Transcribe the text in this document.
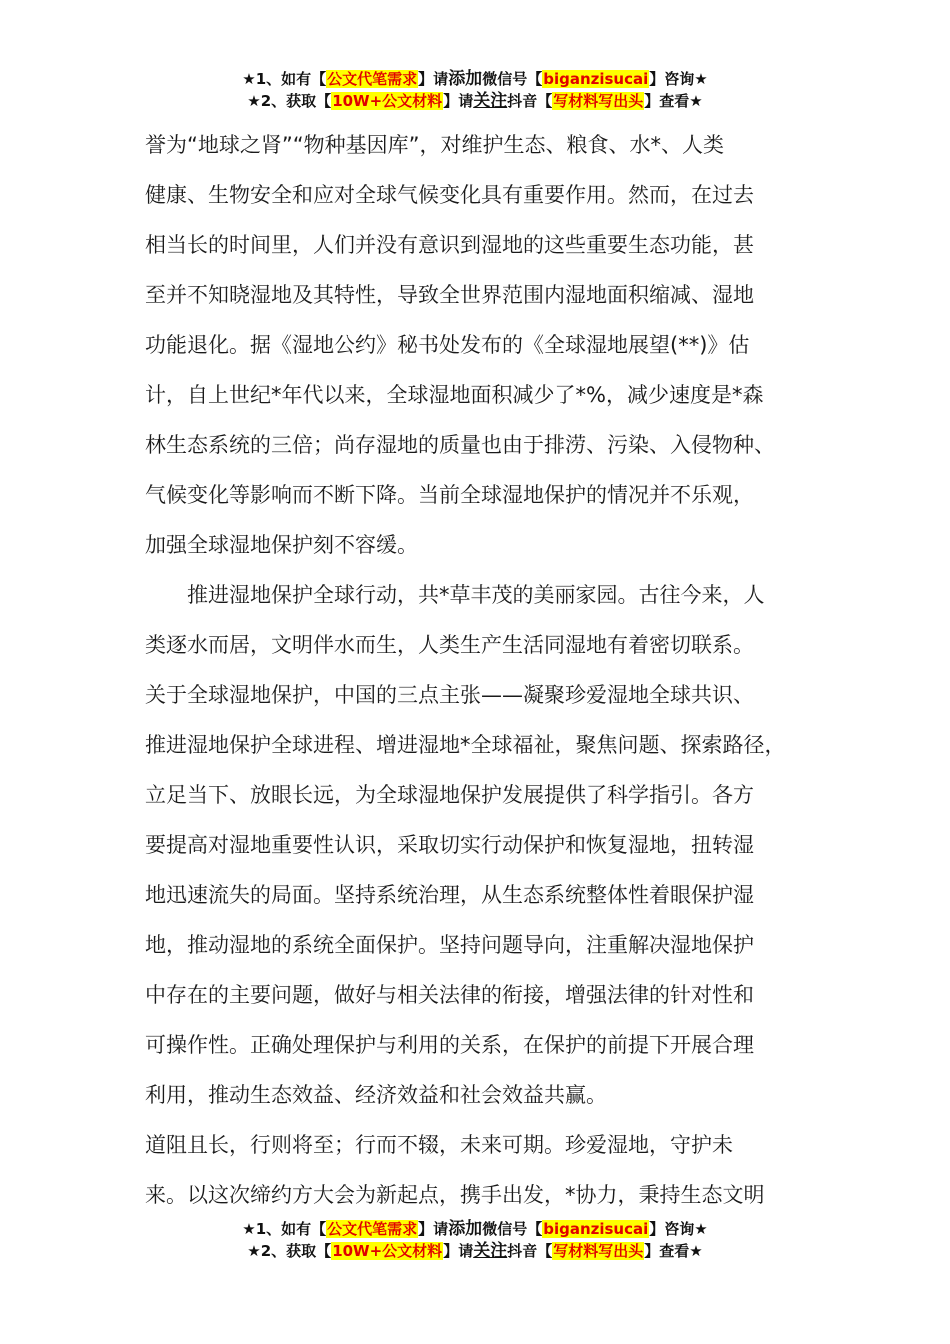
★1、如有【公文代笔需求】请添加微信号【biganzisucai】咨询★
★2、获取【10W+公文材料】请关注抖音【写材料写出头】查看★
誉为“地球之肾”“物种基因库”，对维护生态、粮食、水*、人类
健康、生物安全和应对全球气候变化具有重要作用。然而，在过去
相当长的时间里，人们并没有意识到湿地的这些重要生态功能，甚
至并不知晓湿地及其特性，导致全世界范围内湿地面积缩减、湿地
功能退化。据《湿地公约》秘书处发布的《全球湿地展望(**)》估
计，自上世纪*年代以来，全球湿地面积减少了*%，减少速度是*森
林生态系统的三倍；尚存湿地的质量也由于排涝、污染、入侵物种、
气候变化等影响而不断下降。当前全球湿地保护的情况并不乐观，
加强全球湿地保护刻不容缓。
　　推进湿地保护全球行动，共*草丰茂的美丽家园。古往今来，人
类逐水而居，文明伴水而生，人类生产生活同湿地有着密切联系。
关于全球湿地保护，中国的三点主张——凝聚珍爱湿地全球共识、
推进湿地保护全球进程、增进湿地*全球福祉，聚焦问题、探索路径，
立足当下、放眼长远，为全球湿地保护发展提供了科学指引。各方
要提高对湿地重要性认识，采取切实行动保护和恢复湿地，扭转湿
地迅速流失的局面。坚持系统治理，从生态系统整体性着眼保护湿
地，推动湿地的系统全面保护。坚持问题导向，注重解决湿地保护
中存在的主要问题，做好与相关法律的衔接，增强法律的针对性和
可操作性。正确处理保护与利用的关系，在保护的前提下开展合理
利用，推动生态效益、经济效益和社会效益共赢。
道阻且长，行则将至；行而不辍，未来可期。珍爱湿地，守护未
来。以这次缔约方大会为新起点，携手出发，*协力，秉持生态文明
★1、如有【公文代笔需求】请添加微信号【biganzisucai】咨询★
★2、获取【10W+公文材料】请关注抖音【写材料写出头】查看★
